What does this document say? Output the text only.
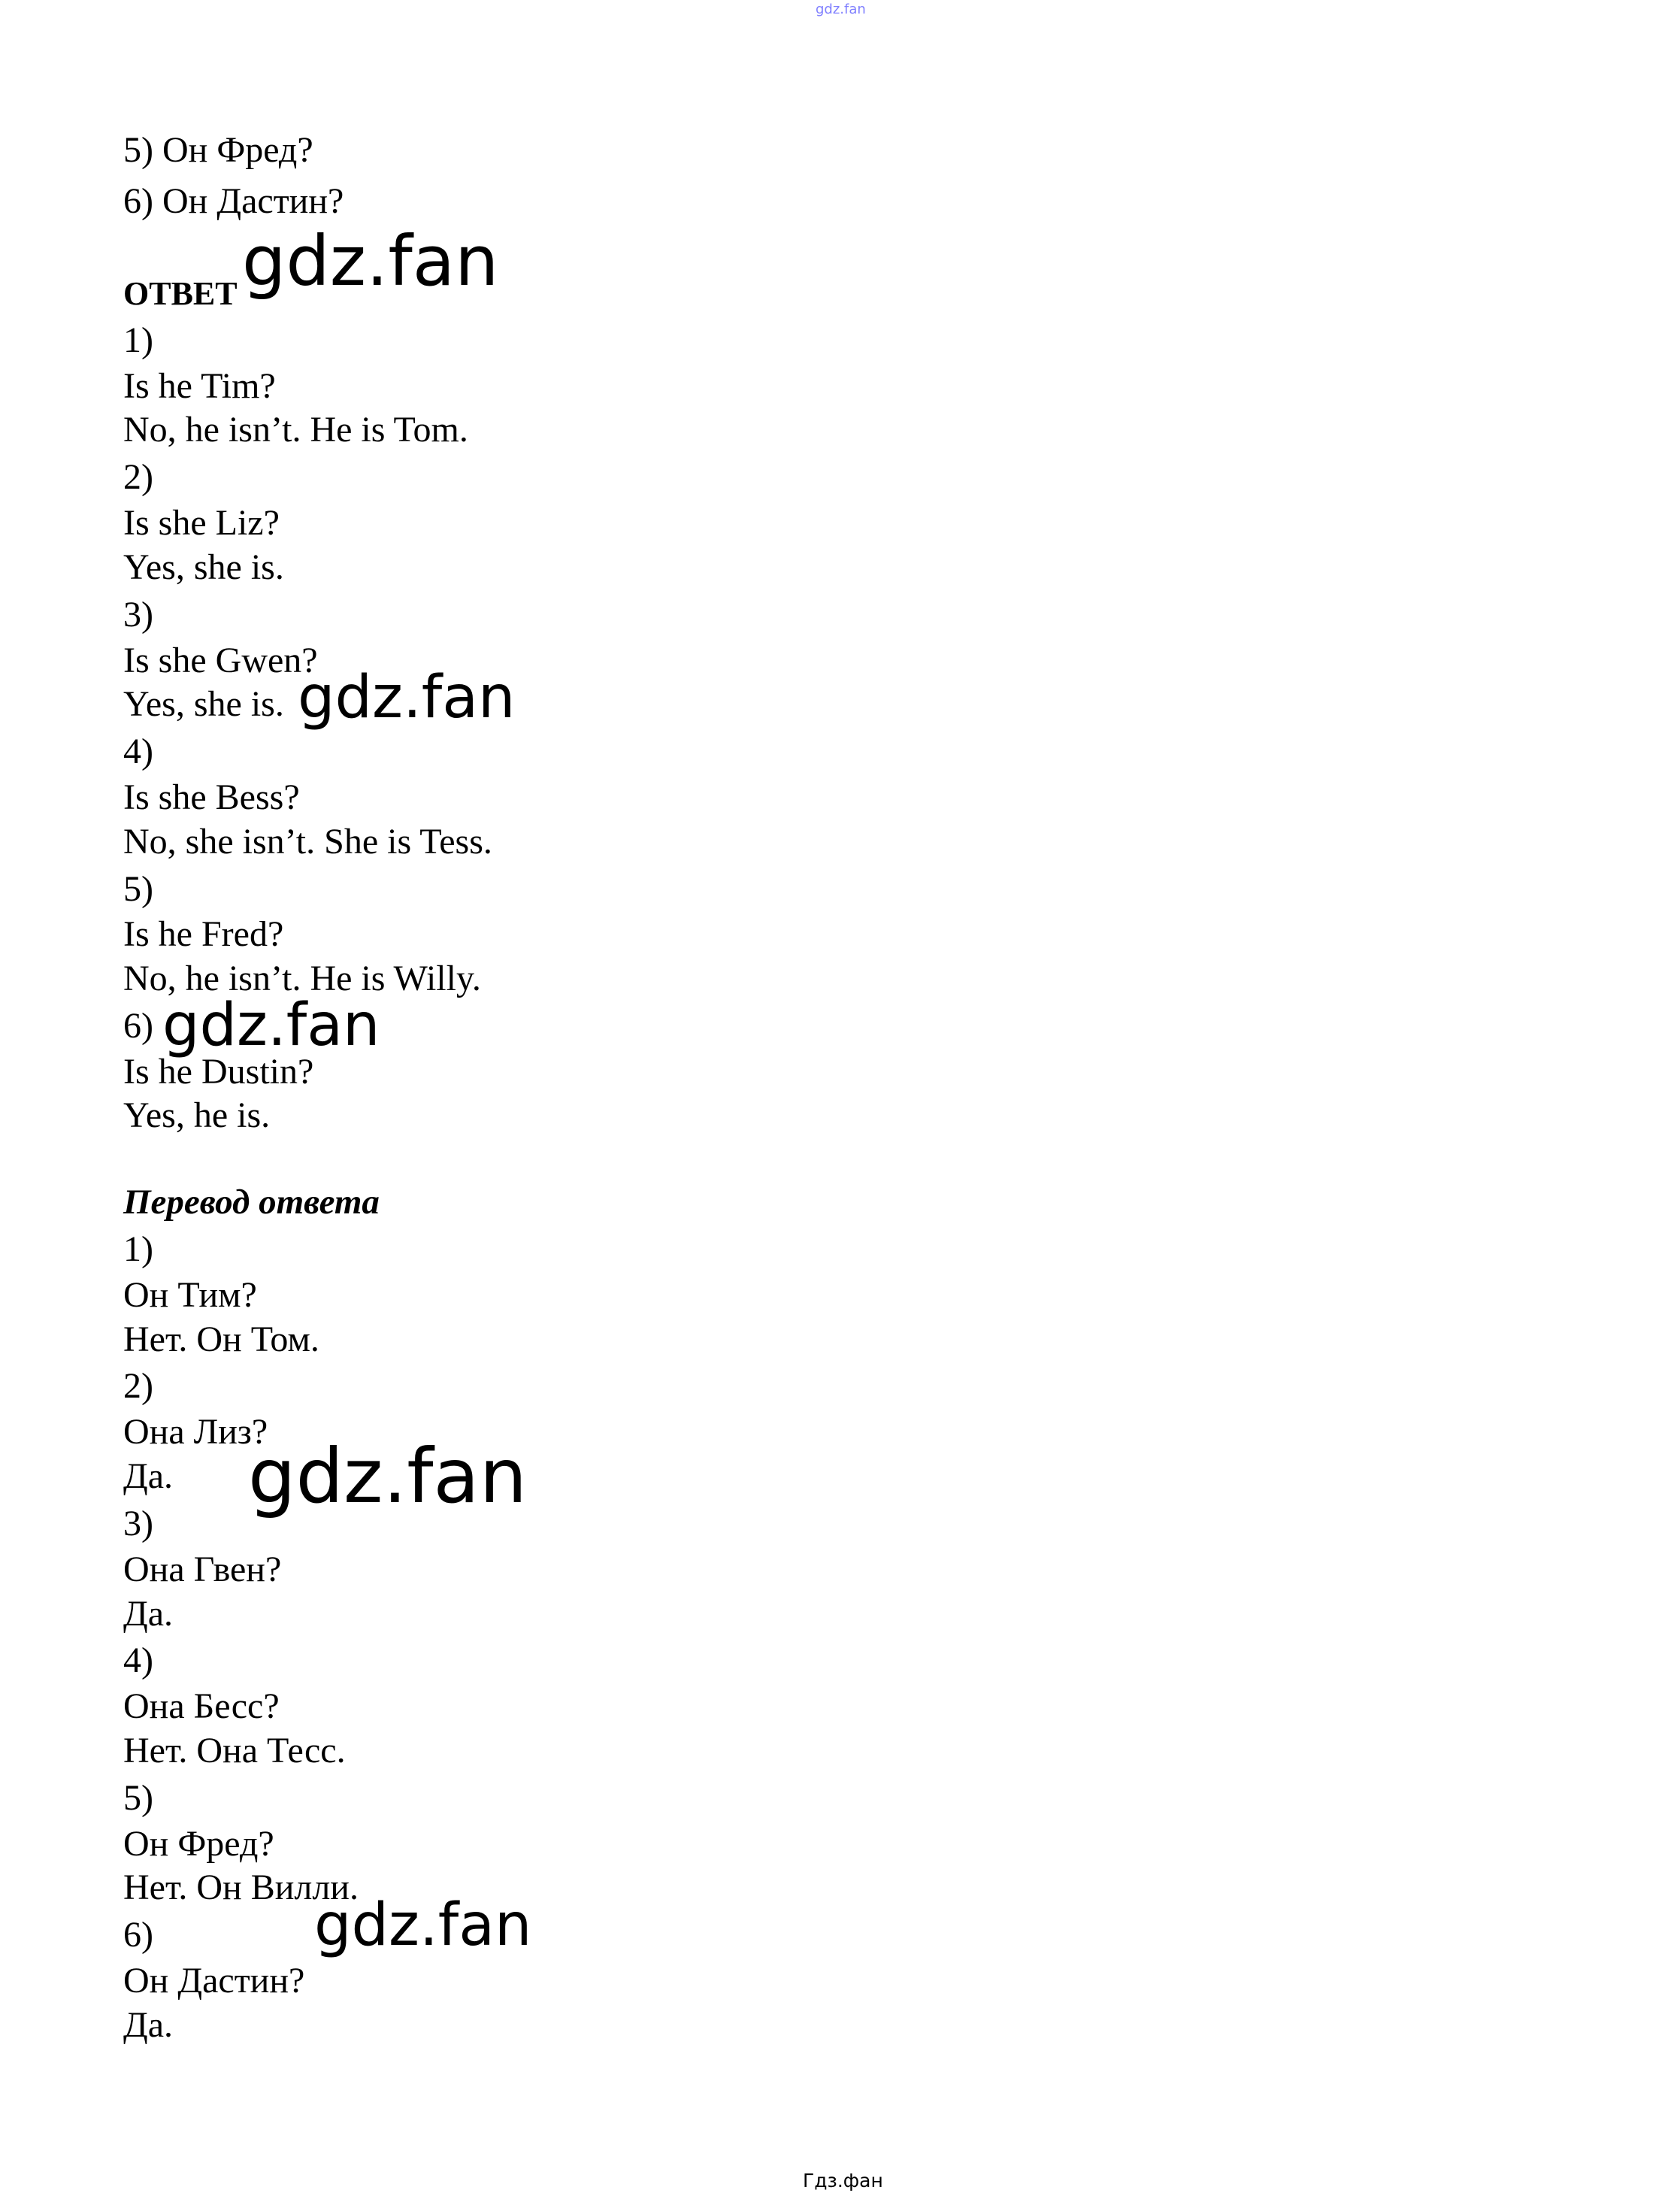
gdz.fan
5) Он Фред?
6) Он Дастин?
ОТВЕТ
1)
Is he Tim?
No, he isn’t. He is Tom.
2)
Is she Liz?
Yes, she is.
3)
Is she Gwen?
Yes, she is.
4)
Is she Bess?
No, she isn’t. She is Tess.
5)
Is he Fred?
No, he isn’t. He is Willy.
6)
Is he Dustin?
Yes, he is.
Перевод ответа
1)
Он Тим?
Нет. Он Том.
2)
Она Лиз?
Да.
3)
Она Гвен?
Да.
4)
Она Бесс?
Нет. Она Тесс.
5)
Он Фред?
Нет. Он Вилли.
6)
Он Дастин?
Да.
gdz.fan
gdz.fan
gdz.fan
gdz.fan
gdz.fan
Гдз.фан
